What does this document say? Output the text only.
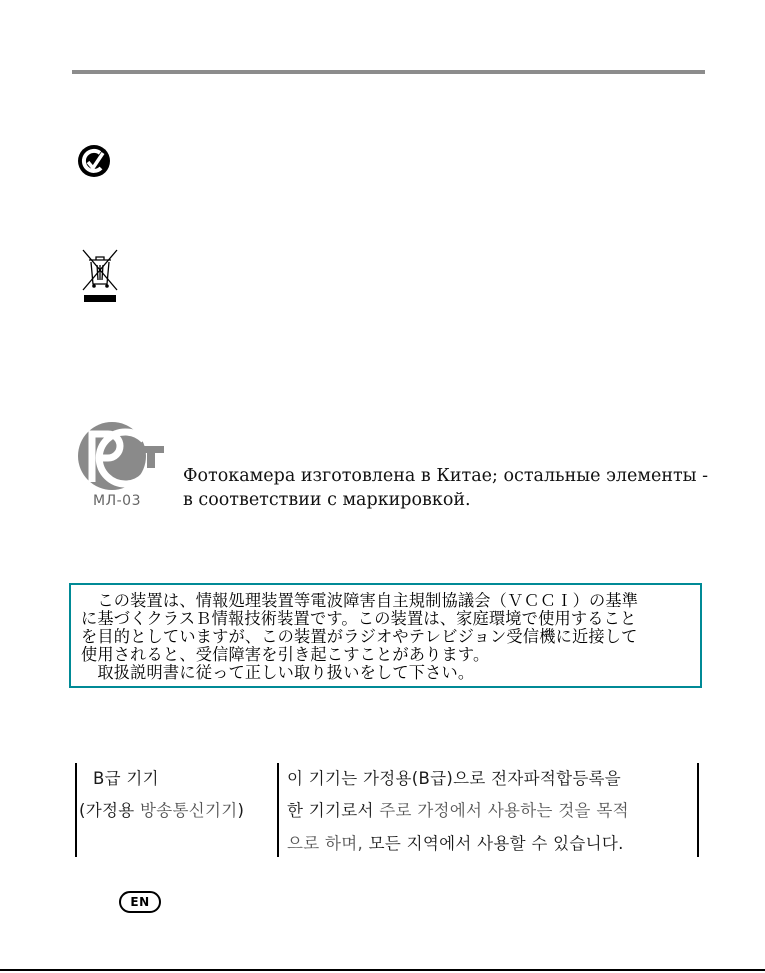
МЛ-03
Фотокамера изготовлена в Китае; остальные элементы -
в соответствии с маркировкой.
　この装置は、情報処理装置等電波障害自主規制協議会（ＶＣＣＩ）の基準
に基づくクラスＢ情報技術装置です。この装置は、家庭環境で使用すること
を目的としていますが、この装置がラジオやテレビジョン受信機に近接して
使用されると、受信障害を引き起こすことがあります。
　取扱説明書に従って正しい取り扱いをして下さい。
B급 기기
(가정용 방송통신기기)
이 기기는 가정용(B급)으로 전자파적합등록을
한 기기로서 주로 가정에서 사용하는 것을 목적
으로 하며, 모든 지역에서 사용할 수 있습니다.
EN
